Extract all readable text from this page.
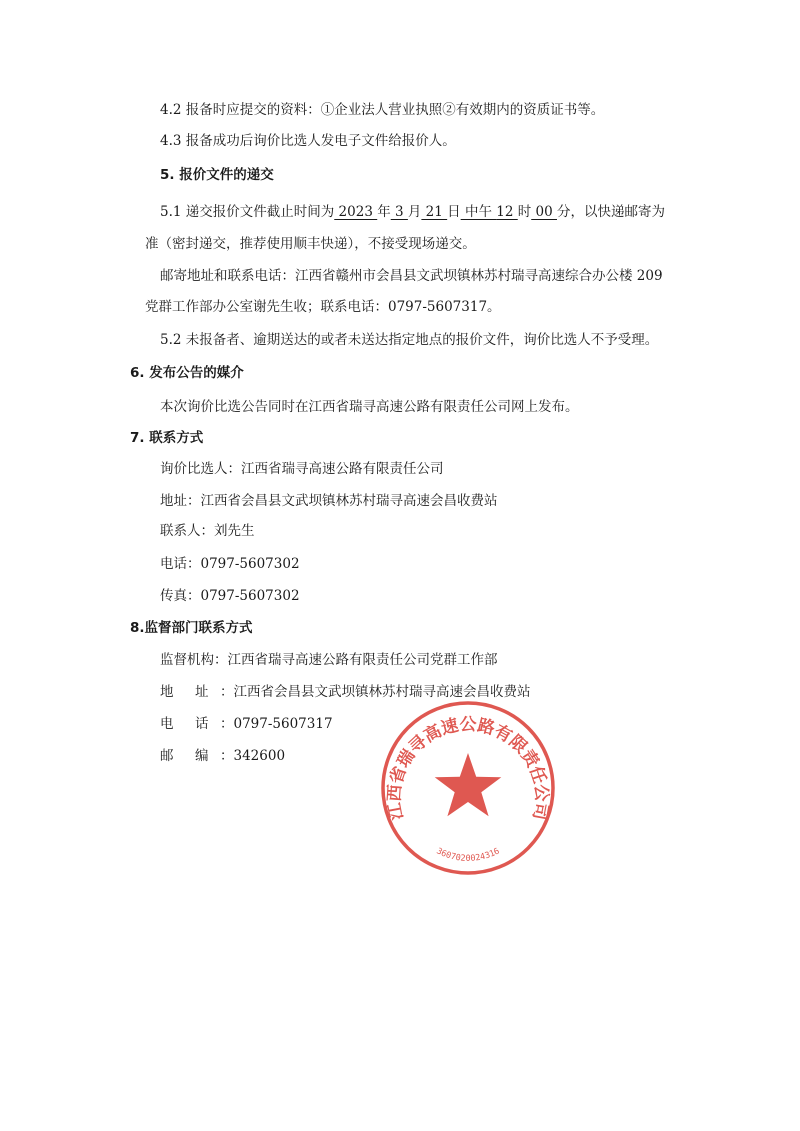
4.2 报备时应提交的资料：①企业法人营业执照②有效期内的资质证书等。
4.3 报备成功后询价比选人发电子文件给报价人。
5. 报价文件的递交
5.1 递交报价文件截止时间为 2023 年 3 月 21 日 中午 12 时 00 分，以快递邮寄为
准（密封递交，推荐使用顺丰快递），不接受现场递交。
邮寄地址和联系电话：江西省赣州市会昌县文武坝镇林苏村瑞寻高速综合办公楼 209
党群工作部办公室谢先生收；联系电话：0797-5607317。
5.2 未报备者、逾期送达的或者未送达指定地点的报价文件，询价比选人不予受理。
6. 发布公告的媒介
本次询价比选公告同时在江西省瑞寻高速公路有限责任公司网上发布。
7. 联系方式
询价比选人：江西省瑞寻高速公路有限责任公司
地址：江西省会昌县文武坝镇林苏村瑞寻高速会昌收费站
联系人：刘先生
电话：0797-5607302
传真：0797-5607302
8.监督部门联系方式
监督机构：江西省瑞寻高速公路有限责任公司党群工作部
地     址 ：江西省会昌县文武坝镇林苏村瑞寻高速会昌收费站
电     话 ：0797-5607317
邮     编 ：342600
江西省瑞寻高速公路有限责任公司
3607020024316
